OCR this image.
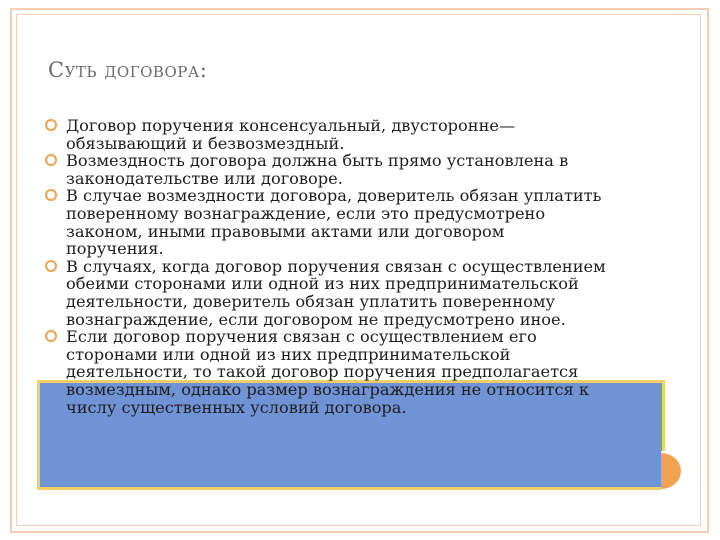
Суть договора:
Договор поручения консенсуальный, двусторонне—
обязывающий и безвозмездный.
Возмездность договора должна быть прямо установлена в
законодательстве или договоре.
В случае возмездности договора, доверитель обязан уплатить
поверенному вознаграждение, если это предусмотрено
законом, иными правовыми актами или договором
поручения.
В случаях, когда договор поручения связан с осуществлением
обеими сторонами или одной из них предпринимательской
деятельности, доверитель обязан уплатить поверенному
вознаграждение, если договором не предусмотрено иное.
Если договор поручения связан с осуществлением его
сторонами или одной из них предпринимательской
деятельности, то такой договор поручения предполагается
возмездным, однако размер вознаграждения не относится к
числу существенных условий договора.
